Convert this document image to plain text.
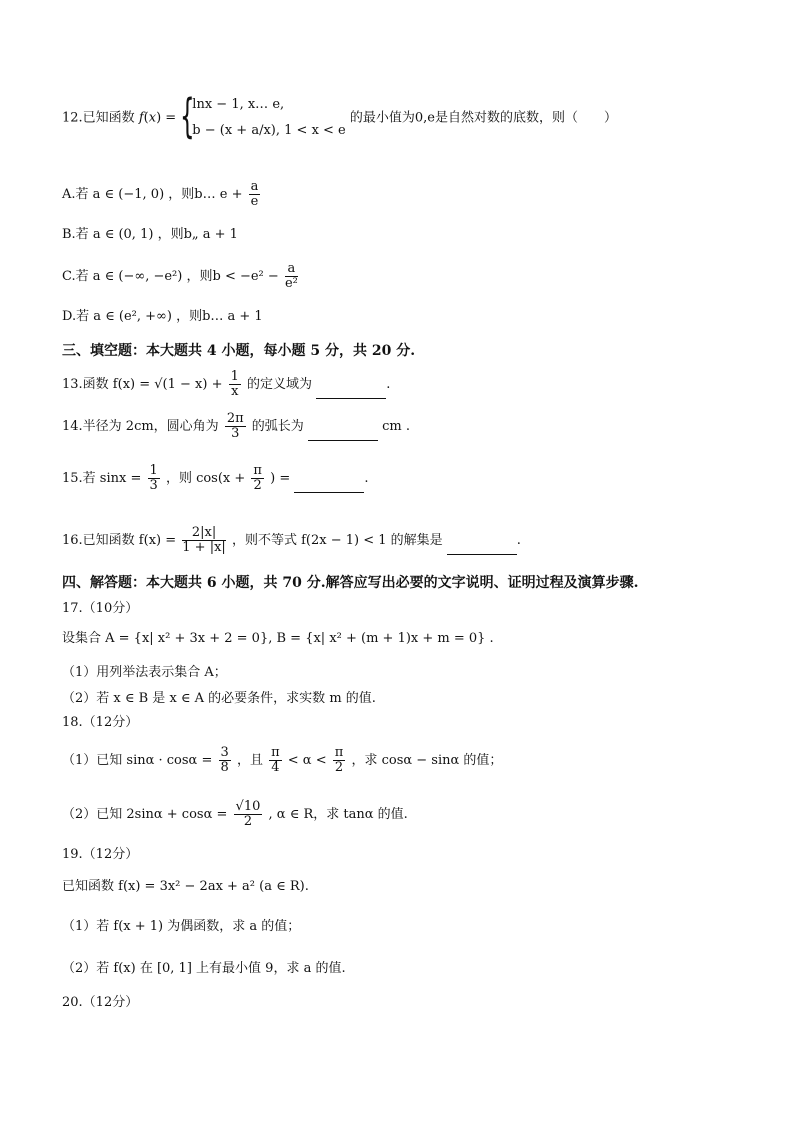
12.已知函数 f(x) = {
lnx − 1, x… e,
b − (x + a/x), 1 < x < e
的最小值为0,e是自然对数的底数，则（　　）
A.若 a ∈ (−1, 0) ，则b… $e + \frac{a}{e}$
B.若 a ∈ (0, 1) ，则b„ a + 1
C.若 a ∈ (−∞, −e²) ，则$b < -e^2 - \frac{a}{\text{e²}}$
D.若 a ∈ (e², +∞) ，则b… a + 1
三、填空题：本大题共 4 小题，每小题 5 分，共 20 分.
13.函数 $f(x) = √(1 - x) + \frac{1}{x}$ 的定义域为	.
14.半径为 2cm，圆心角为 $\frac{2\pi}{3}$ 的弧长为	cm .
15.若 $\sin x = \frac{1}{3}$ ，则 $\cos(x + \frac{\pi}{2}$ ) =	.
16.已知函数 $f(x) = \frac{2|x|}{1 + |x|}$ ，则不等式 f(2x − 1) < 1 的解集是	.
四、解答题：本大题共 6 小题，共 70 分.解答应写出必要的文字说明、证明过程及演算步骤.
17.（10分）
设集合 A = {x| x² + 3x + 2 = 0}, B = {x| x² + (m + 1)x + m = 0} .
（1）用列举法表示集合 A；
（2）若 x ∈ B 是 x ∈ A 的必要条件，求实数 m 的值.
18.（12分）
（1）已知 $\sin\alpha \cdot \cos\alpha = \frac{3}{8}$ ，且 $\frac{\pi}{4} < \alpha < \frac{\pi}{2}$ ，求 cosα − sinα 的值；
（2）已知 $2\sin\alpha + \cos\alpha = \frac{√10}{2}$ , α ∈ R，求 tanα 的值.
19.（12分）
已知函数 f(x) = 3x² − 2ax + a² (a ∈ R).
（1）若 f(x + 1) 为偶函数，求 a 的值；
（2）若 f(x) 在 [0, 1] 上有最小值 9，求 a 的值.
20.（12分）
